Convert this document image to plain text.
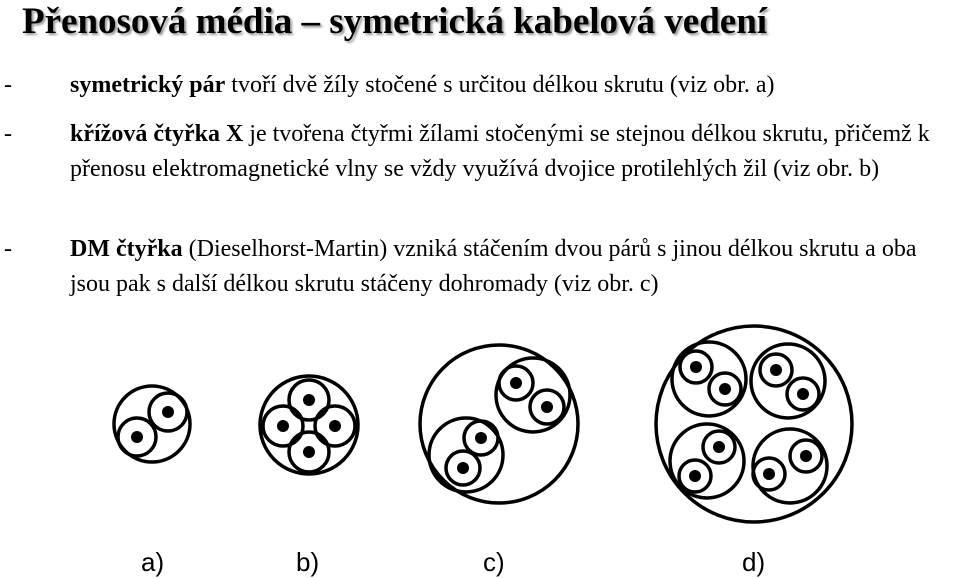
Přenosová média – symetrická kabelová vedení
- symetrický pár tvoří dvě žíly stočené s určitou délkou skrutu (viz obr. a)
- křížová čtyřka X je tvořena čtyřmi žílami stočenými se stejnou délkou skrutu, přičemž k přenosu elektromagnetické vlny se vždy využívá dvojice protilehlých žil (viz obr. b)
- DM čtyřka (Dieselhorst-Martin) vzniká stáčením dvou párů s jinou délkou skrutu a oba jsou pak s další délkou skrutu stáčeny dohromady (viz obr. c)
a)	b)	c)	d)
